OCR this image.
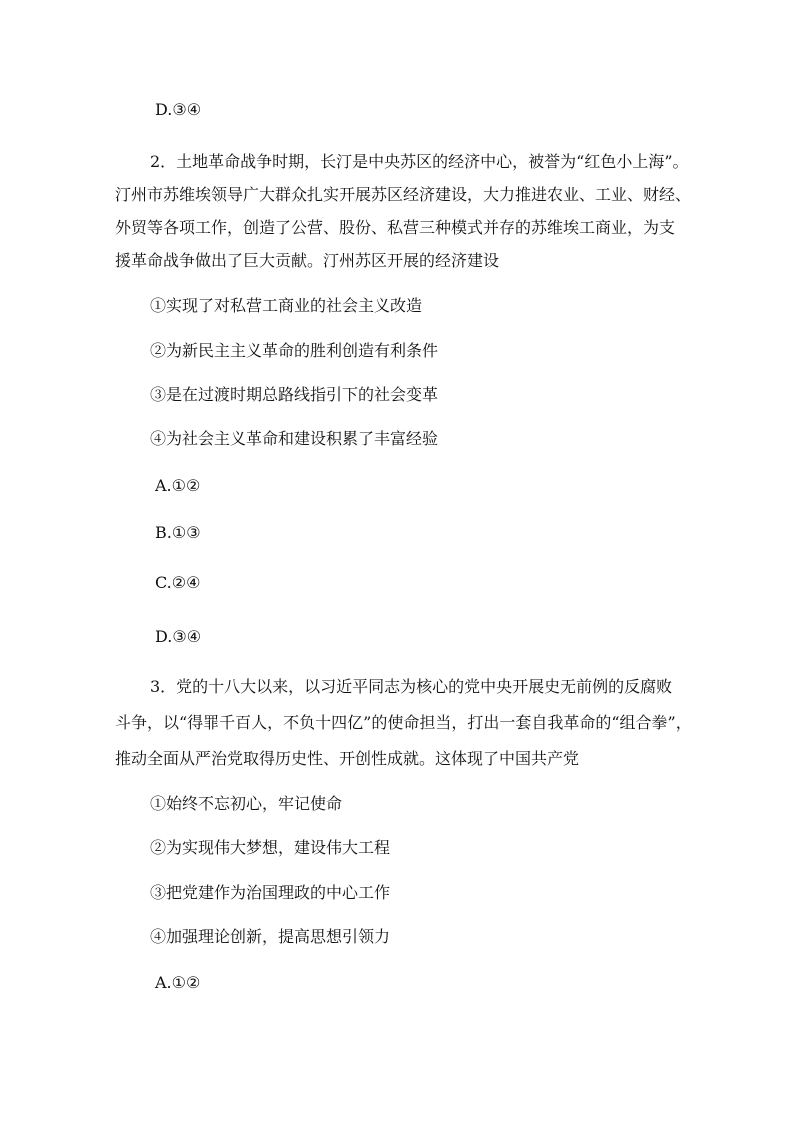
D.③④
2．土地革命战争时期，长汀是中央苏区的经济中心，被誉为“红色小上海”。
汀州市苏维埃领导广大群众扎实开展苏区经济建设，大力推进农业、工业、财经、
外贸等各项工作，创造了公营、股份、私营三种模式并存的苏维埃工商业，为支
援革命战争做出了巨大贡献。汀州苏区开展的经济建设
①实现了对私营工商业的社会主义改造
②为新民主主义革命的胜利创造有利条件
③是在过渡时期总路线指引下的社会变革
④为社会主义革命和建设积累了丰富经验
A.①②
B.①③
C.②④
D.③④
3．党的十八大以来，以习近平同志为核心的党中央开展史无前例的反腐败
斗争，以“得罪千百人，不负十四亿”的使命担当，打出一套自我革命的“组合拳”，
推动全面从严治党取得历史性、开创性成就。这体现了中国共产党
①始终不忘初心，牢记使命
②为实现伟大梦想，建设伟大工程
③把党建作为治国理政的中心工作
④加强理论创新，提高思想引领力
A.①②
